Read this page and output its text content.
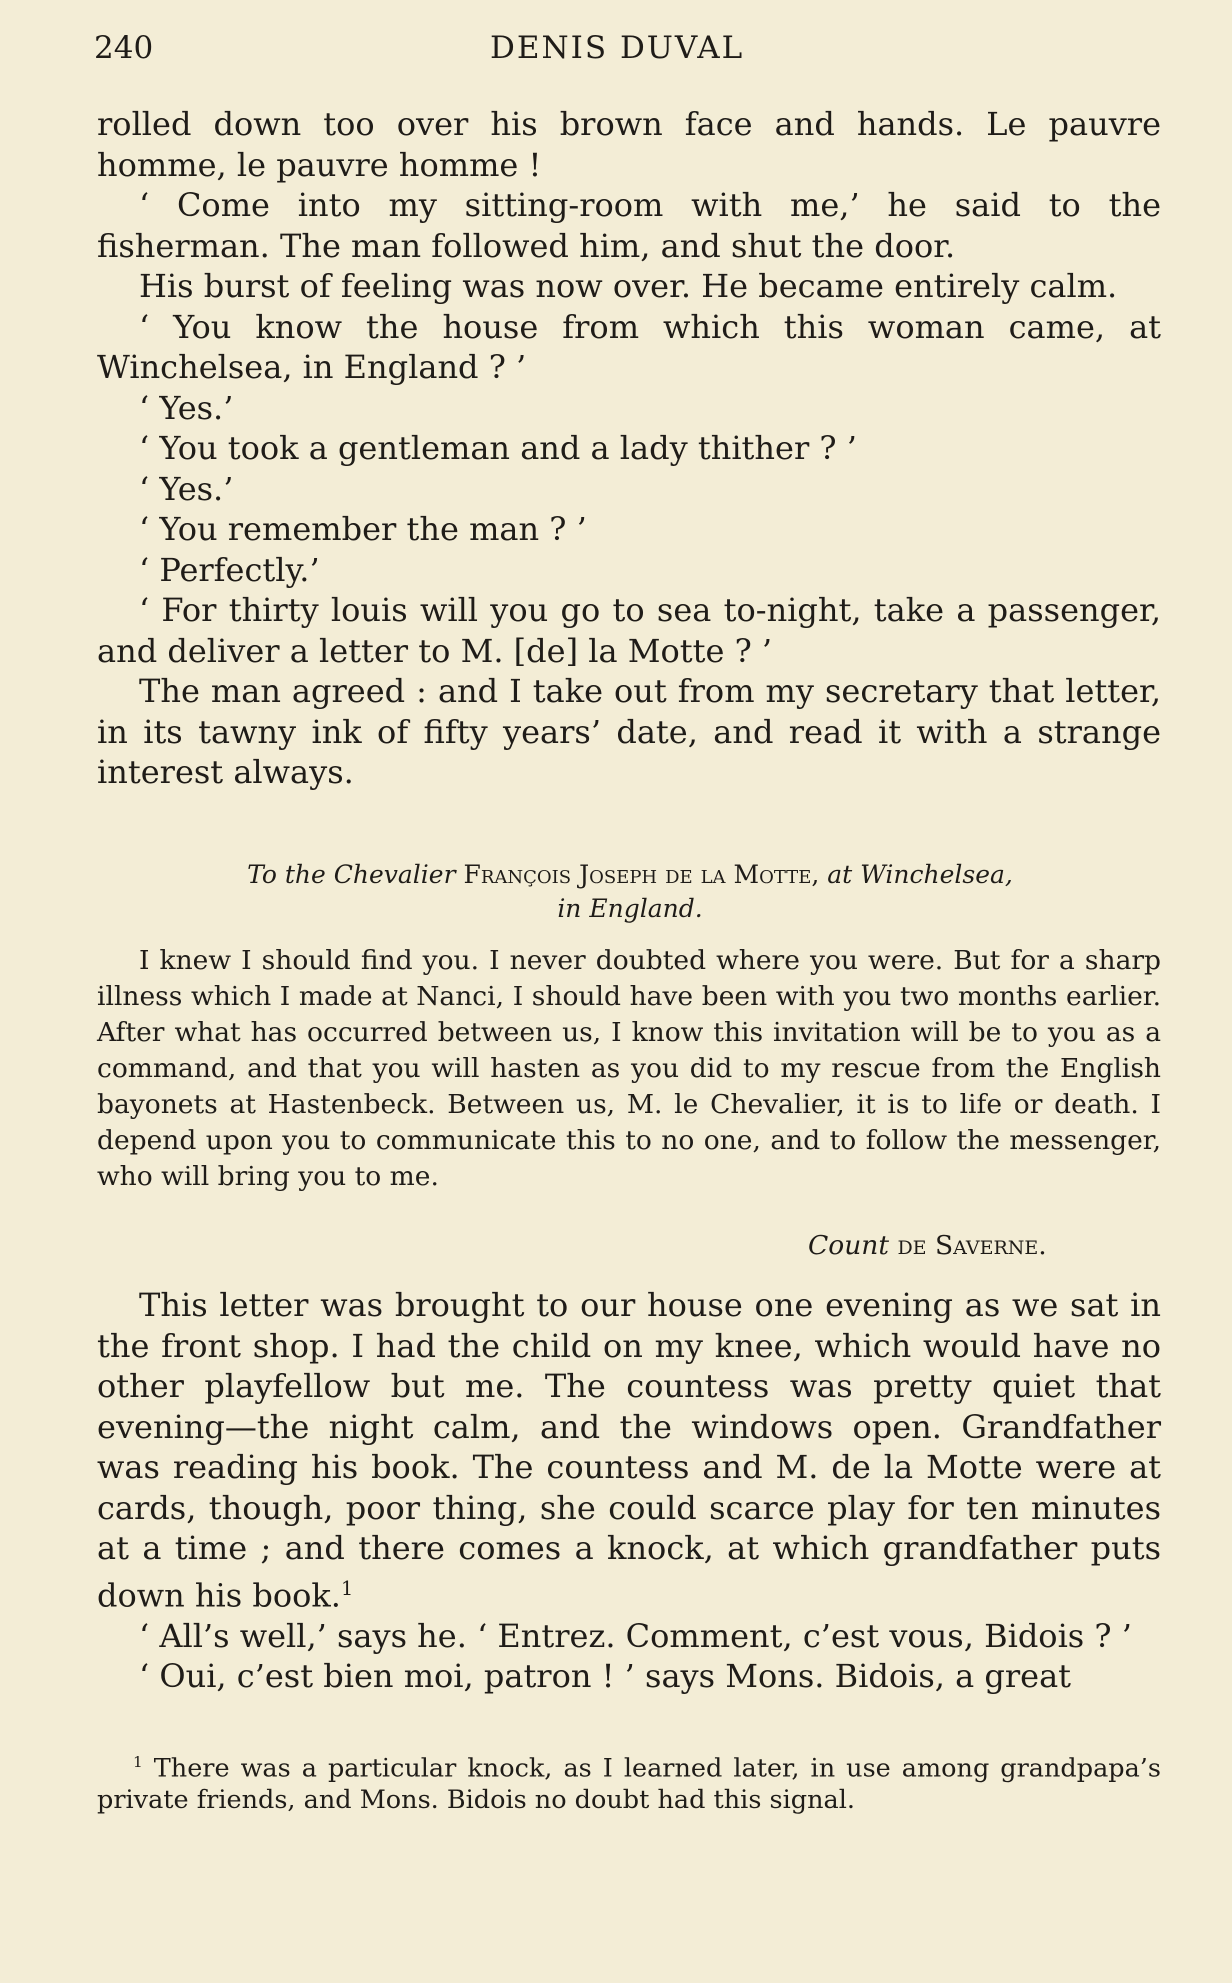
240	DENIS DUVAL

rolled down too over his brown face and hands. Le pauvre homme, le pauvre homme !

‘ Come into my sitting-room with me,’ he said to the fisherman. The man followed him, and shut the door.

His burst of feeling was now over. He became entirely calm.

‘ You know the house from which this woman came, at Winchelsea, in England ? ’

‘ Yes.’

‘ You took a gentleman and a lady thither ? ’

‘ Yes.’

‘ You remember the man ? ’

‘ Perfectly.’

‘ For thirty louis will you go to sea to-night, take a passenger, and deliver a letter to M. [de] la Motte ? ’

The man agreed : and I take out from my secretary that letter, in its tawny ink of fifty years’ date, and read it with a strange interest always.

To the Chevalier François Joseph de la Motte, at Winchelsea,
in England.

I knew I should find you. I never doubted where you were. But for a sharp illness which I made at Nanci, I should have been with you two months earlier. After what has occurred between us, I know this invitation will be to you as a command, and that you will hasten as you did to my rescue from the English bayonets at Hastenbeck. Between us, M. le Chevalier, it is to life or death. I depend upon you to communicate this to no one, and to follow the messenger, who will bring you to me.

Count de Saverne.

This letter was brought to our house one evening as we sat in the front shop. I had the child on my knee, which would have no other playfellow but me. The countess was pretty quiet that evening—the night calm, and the windows open. Grandfather was reading his book. The countess and M. de la Motte were at cards, though, poor thing, she could scarce play for ten minutes at a time ; and there comes a knock, at which grandfather puts down his book.$^1$

‘ All’s well,’ says he. ‘ Entrez. Comment, c’est vous, Bidois ? ’

‘ Oui, c’est bien moi, patron ! ’ says Mons. Bidois, a great

$^1$ There was a particular knock, as I learned later, in use among grandpapa’s private friends, and Mons. Bidois no doubt had this signal.
